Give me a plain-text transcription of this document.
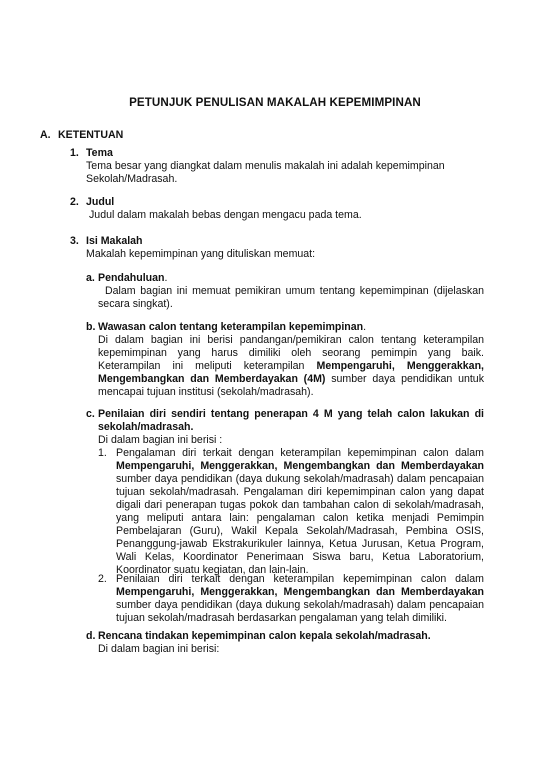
PETUNJUK PENULISAN MAKALAH KEPEMIMPINAN
A. KETENTUAN
1. Tema
Tema besar yang diangkat dalam menulis makalah ini adalah kepemimpinan Sekolah/Madrasah.
2. Judul
Judul dalam makalah bebas dengan mengacu pada tema.
3. Isi Makalah
Makalah kepemimpinan yang dituliskan memuat:
a. Pendahuluan.
Dalam bagian ini memuat pemikiran umum tentang kepemimpinan (dijelaskan secara singkat).
b. Wawasan calon tentang keterampilan kepemimpinan.
Di dalam bagian ini berisi pandangan/pemikiran calon tentang keterampilan kepemimpinan yang harus dimiliki oleh seorang pemimpin yang baik. Keterampilan ini meliputi keterampilan Mempengaruhi, Menggerakkan, Mengembangkan dan Memberdayakan (4M) sumber daya pendidikan untuk mencapai tujuan institusi (sekolah/madrasah).
c. Penilaian diri sendiri tentang penerapan 4 M yang telah calon lakukan di sekolah/madrasah.
Di dalam bagian ini berisi :
1. Pengalaman diri terkait dengan keterampilan kepemimpinan calon dalam Mempengaruhi, Menggerakkan, Mengembangkan dan Memberdayakan sumber daya pendidikan (daya dukung sekolah/madrasah) dalam pencapaian tujuan sekolah/madrasah. Pengalaman diri kepemimpinan calon yang dapat digali dari penerapan tugas pokok dan tambahan calon di sekolah/madrasah, yang meliputi antara lain: pengalaman calon ketika menjadi Pemimpin Pembelajaran (Guru), Wakil Kepala Sekolah/Madrasah, Pembina OSIS, Penanggung-jawab Ekstrakurikuler lainnya, Ketua Jurusan, Ketua Program, Wali Kelas, Koordinator Penerimaan Siswa baru, Ketua Laboratorium, Koordinator suatu kegiatan, dan lain-lain.
2. Penilaian diri terkait dengan keterampilan kepemimpinan calon dalam Mempengaruhi, Menggerakkan, Mengembangkan dan Memberdayakan sumber daya pendidikan (daya dukung sekolah/madrasah) dalam pencapaian tujuan sekolah/madrasah berdasarkan pengalaman yang telah dimiliki.
d. Rencana tindakan kepemimpinan calon kepala sekolah/madrasah.
Di dalam bagian ini berisi:
